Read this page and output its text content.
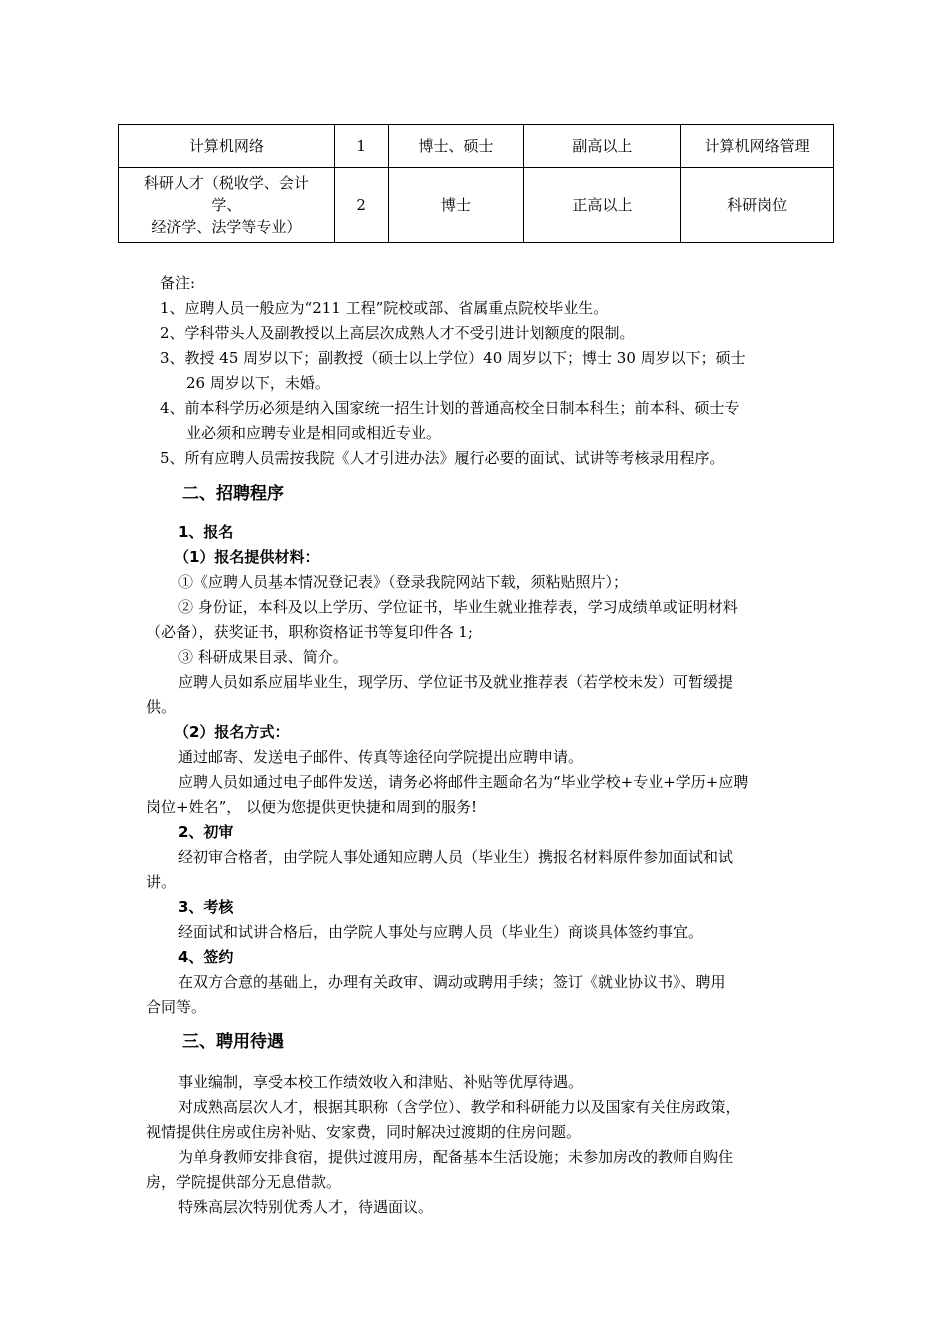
计算机网络	1	博士、硕士	副高以上	计算机网络管理

科研人才（税收学、会计
学、
经济学、法学等专业）	2	博士	正高以上	科研岗位
备注:
1、应聘人员一般应为“211 工程”院校或部、省属重点院校毕业生。
2、学科带头人及副教授以上高层次成熟人才不受引进计划额度的限制。
3、教授 45 周岁以下；副教授（硕士以上学位）40 周岁以下；博士 30 周岁以下；硕士
26 周岁以下，未婚。
4、前本科学历必须是纳入国家统一招生计划的普通高校全日制本科生；前本科、硕士专
业必须和应聘专业是相同或相近专业。
5、所有应聘人员需按我院《人才引进办法》履行必要的面试、试讲等考核录用程序。
二、招聘程序
1、报名
（1）报名提供材料：
①《应聘人员基本情况登记表》（登录我院网站下载，须粘贴照片）；
② 身份证，本科及以上学历、学位证书，毕业生就业推荐表，学习成绩单或证明材料
（必备），获奖证书，职称资格证书等复印件各 1;
③ 科研成果目录、简介。
应聘人员如系应届毕业生，现学历、学位证书及就业推荐表（若学校未发）可暂缓提
供。
（2）报名方式：
通过邮寄、发送电子邮件、传真等途径向学院提出应聘申请。
应聘人员如通过电子邮件发送，请务必将邮件主题命名为“毕业学校+专业+学历+应聘
岗位+姓名”， 以便为您提供更快捷和周到的服务!
2、初审
经初审合格者，由学院人事处通知应聘人员（毕业生）携报名材料原件参加面试和试
讲。
3、考核
经面试和试讲合格后，由学院人事处与应聘人员（毕业生）商谈具体签约事宜。
4、签约
在双方合意的基础上，办理有关政审、调动或聘用手续；签订《就业协议书》、聘用
合同等。
三、聘用待遇
事业编制，享受本校工作绩效收入和津贴、补贴等优厚待遇。
对成熟高层次人才，根据其职称（含学位）、教学和科研能力以及国家有关住房政策，
视情提供住房或住房补贴、安家费，同时解决过渡期的住房问题。
为单身教师安排食宿，提供过渡用房，配备基本生活设施；未参加房改的教师自购住
房，学院提供部分无息借款。
特殊高层次特别优秀人才，待遇面议。
